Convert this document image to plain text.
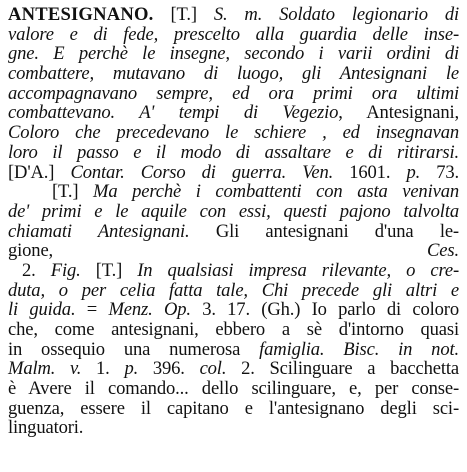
ANTESIGNANO. [T.] S. m. Soldato legionario di
valore e di fede, prescelto alla guardia delle inse-
gne. E perchè le insegne, secondo i varii ordini di
combattere, mutavano di luogo, gli Antesignani le
accompagnavano sempre, ed ora primi ora ultimi
combattevano. A' tempi di Vegezio, Antesignani,
Coloro che precedevano le schiere , ed insegnavan
loro il passo e il modo di assaltare e di ritirarsi.
[D'A.] Contar. Corso di guerra. Ven. 1601. p. 73.
[T.] Ma perchè i combattenti con asta venivan
de' primi e le aquile con essi, questi pajono talvolta
chiamati Antesignani. Gli antesignani d'una le-
gione, Ces.
2. Fig. [T.] In qualsiasi impresa rilevante, o cre-
duta, o per celia fatta tale, Chi precede gli altri e
li guida. = Menz. Op. 3. 17. (Gh.) Io parlo di coloro
che, come antesignani, ebbero a sè d'intorno quasi
in ossequio una numerosa famiglia. Bisc. in not.
Malm. v. 1. p. 396. col. 2. Scilinguare a bacchetta
è Avere il comando... dello scilinguare, e, per conse-
guenza, essere il capitano e l'antesignano degli sci-
linguatori.
